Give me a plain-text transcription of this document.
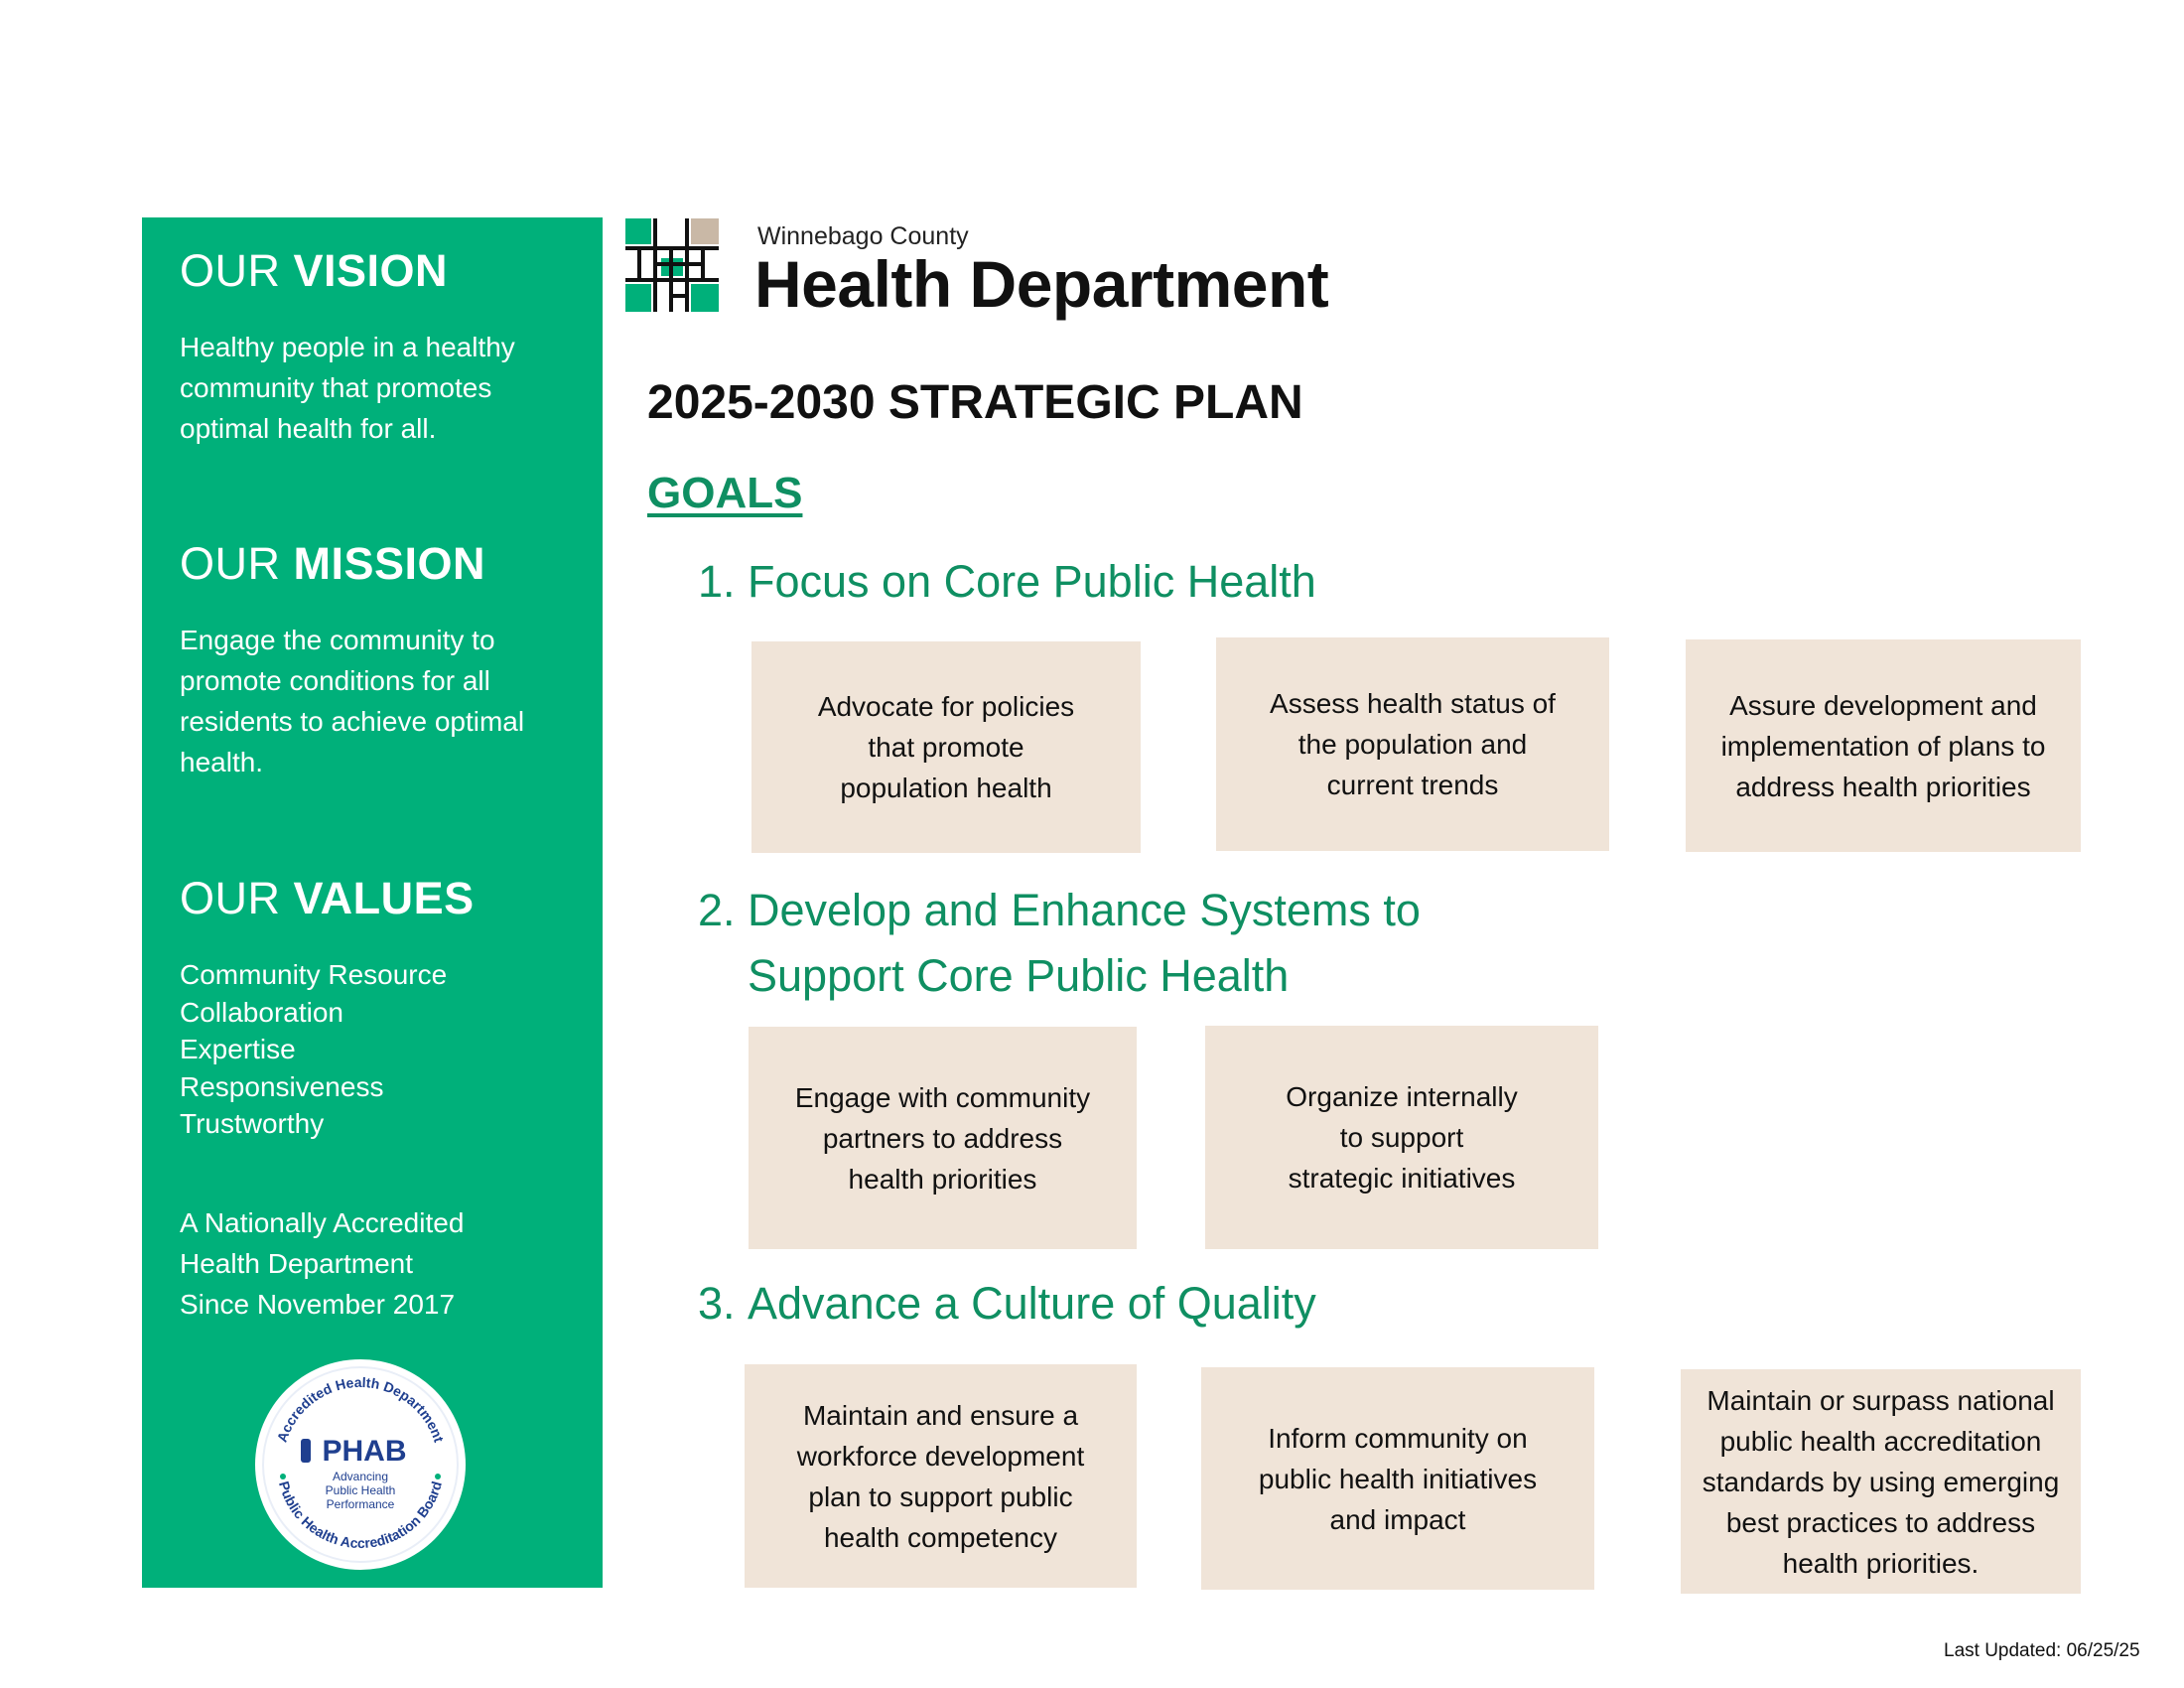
OUR VISION
Healthy people in a healthy community that promotes optimal health for all.
OUR MISSION
Engage the community to promote conditions for all residents to achieve optimal health.
OUR VALUES
Community Resource
Collaboration
Expertise
Responsiveness
Trustworthy
A Nationally Accredited
Health Department
Since November 2017
Accredited Health Department
Public Health Accreditation Board
PHAB
Advancing
Public Health
Performance
Winnebago County
Health Department
2025-2030 STRATEGIC PLAN
GOALS
1. Focus on Core Public Health
Advocate for policies
that promote
population health
Assess health status of
the population and
current trends
Assure development and
implementation of plans to
address health priorities
2. Develop and Enhance Systems to
Support Core Public Health
Engage with community
partners to address
health priorities
Organize internally
to support
strategic initiatives
3. Advance a Culture of Quality
Maintain and ensure a
workforce development
plan to support public
health competency
Inform community on
public health initiatives
and impact
Maintain or surpass national
public health accreditation
standards by using emerging
best practices to address
health priorities.
Last Updated: 06/25/25
